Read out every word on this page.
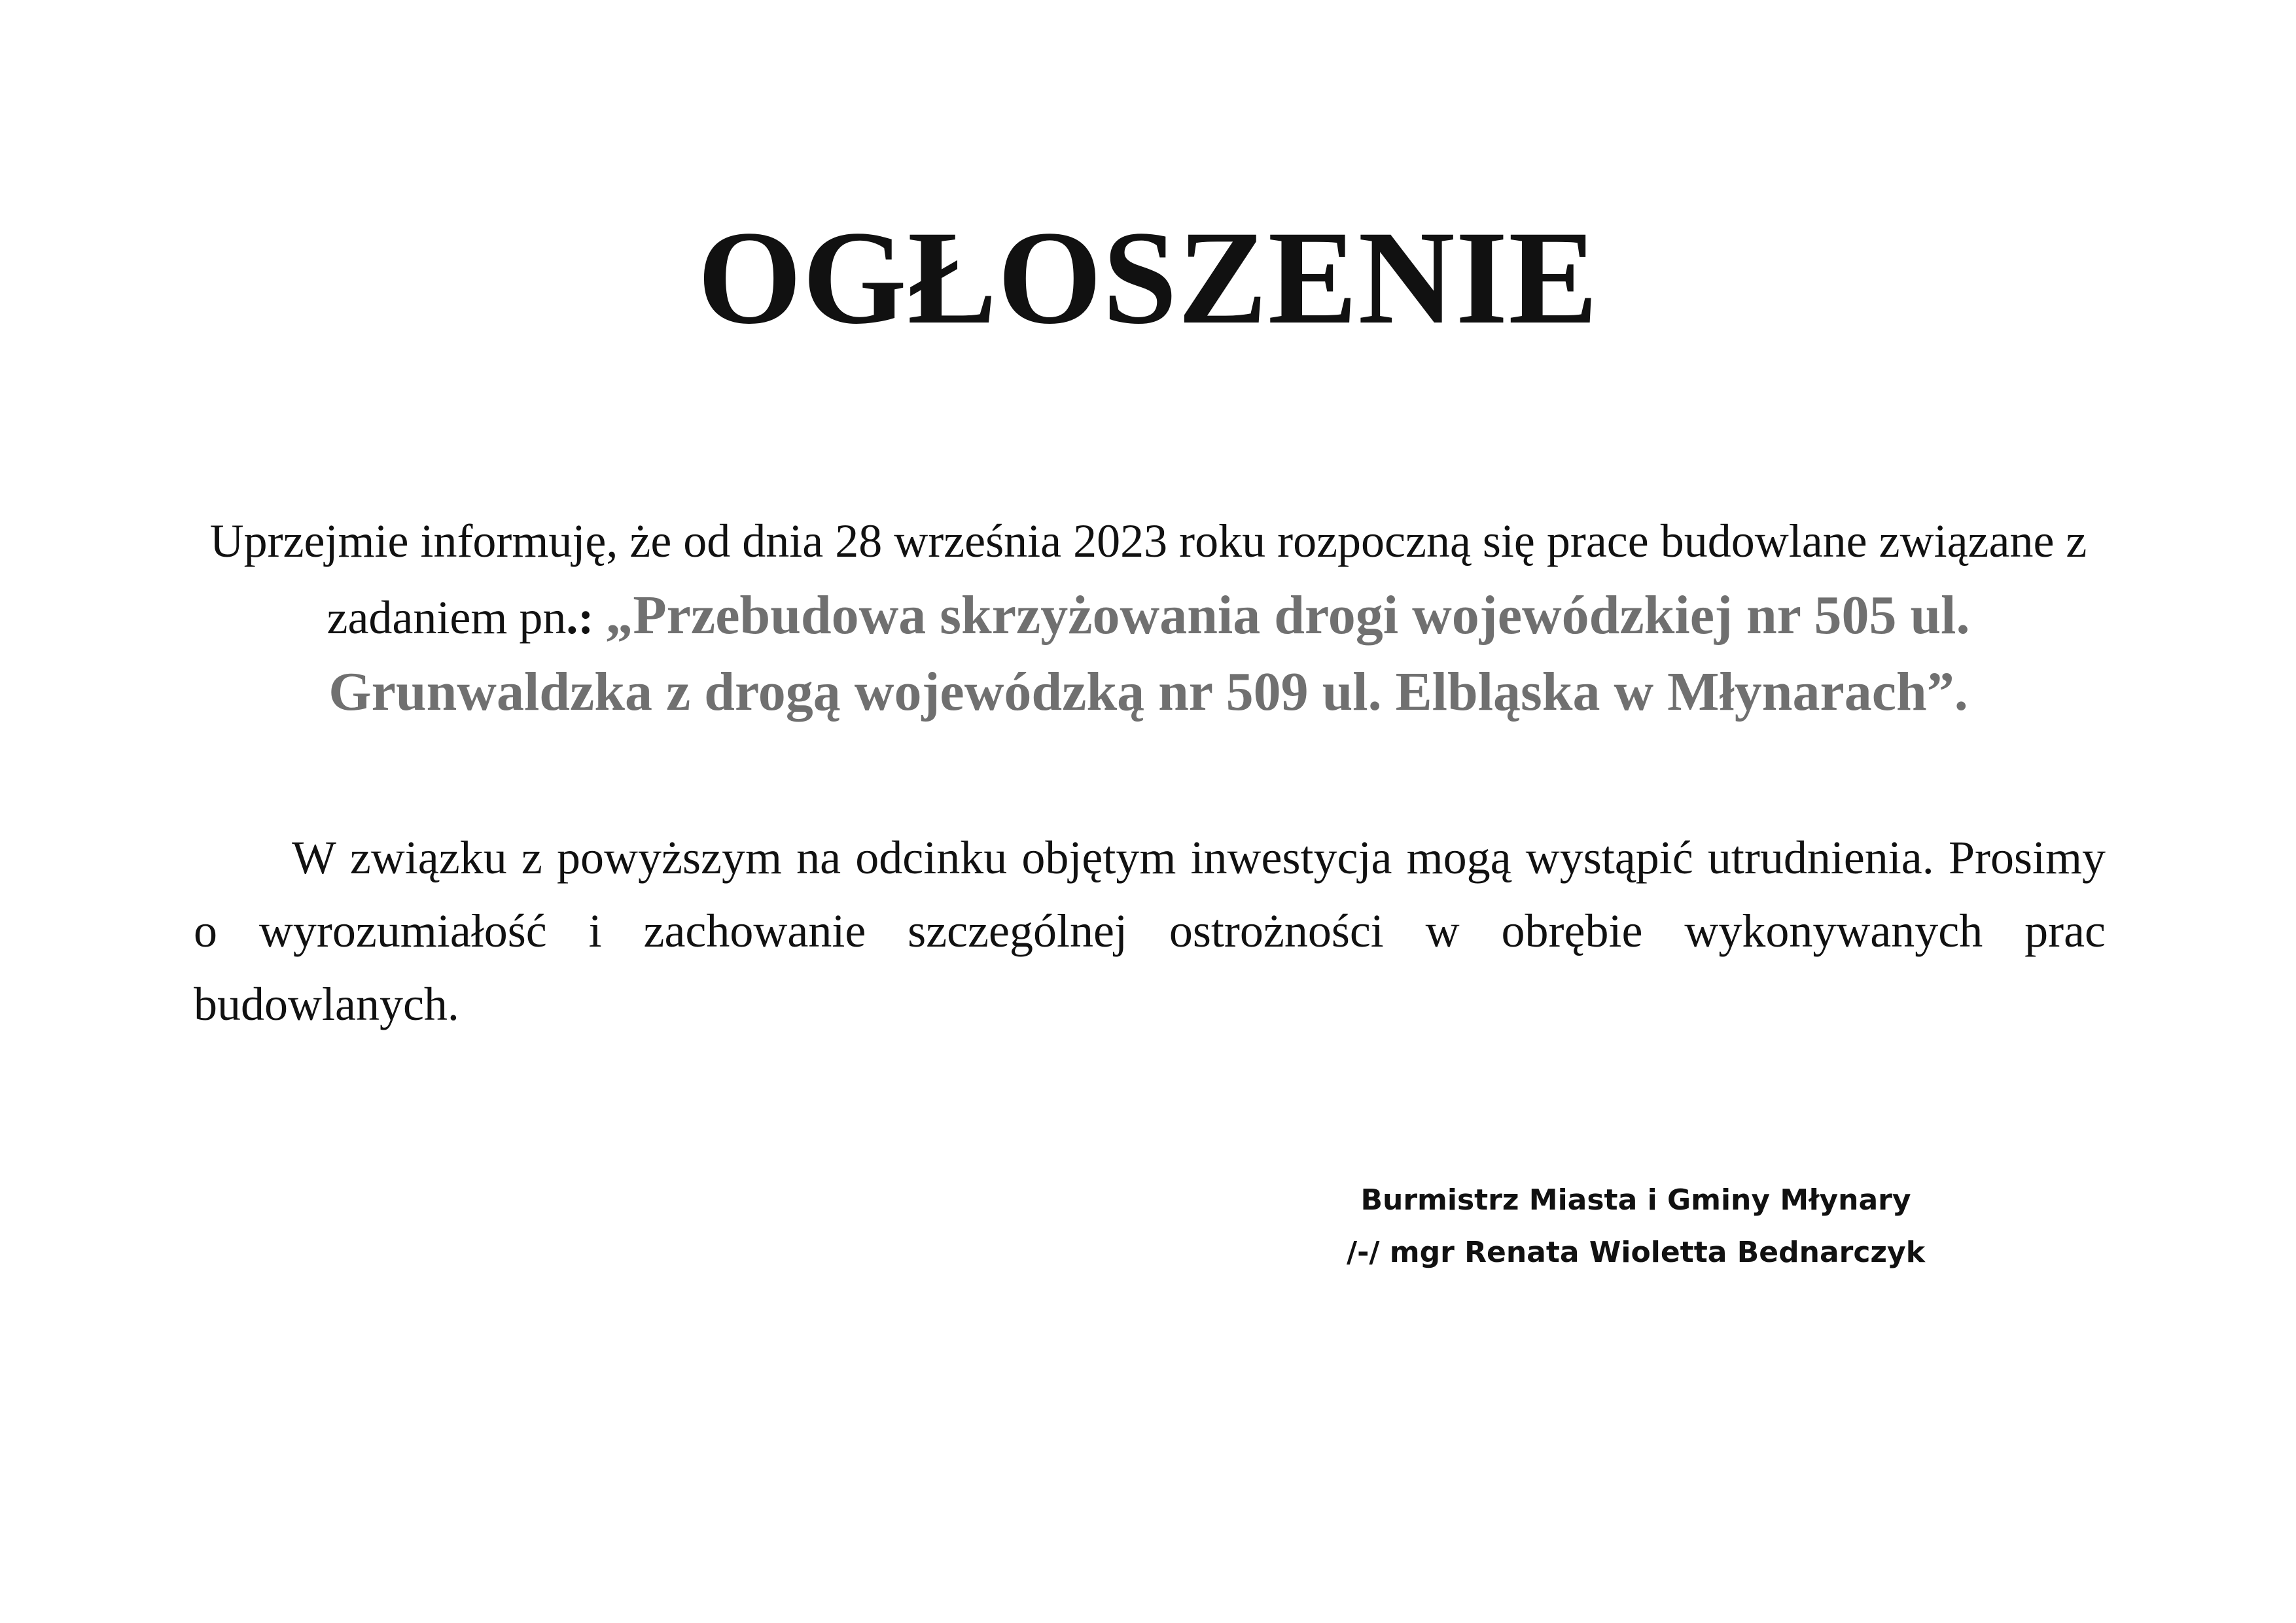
OGŁOSZENIE

Uprzejmie informuję, że od dnia 28 września 2023 roku rozpoczną się prace budowlane związane z zadaniem pn.: „Przebudowa skrzyżowania drogi wojewódzkiej nr 505 ul. Grunwaldzka z drogą wojewódzką nr 509 ul. Elbląska w Młynarach”.

W związku z powyższym na odcinku objętym inwestycja mogą wystąpić utrudnienia. Prosimy o wyrozumiałość i zachowanie szczególnej ostrożności w obrębie wykonywanych prac budowlanych.

Burmistrz Miasta i Gminy Młynary
/-/ mgr Renata Wioletta Bednarczyk
